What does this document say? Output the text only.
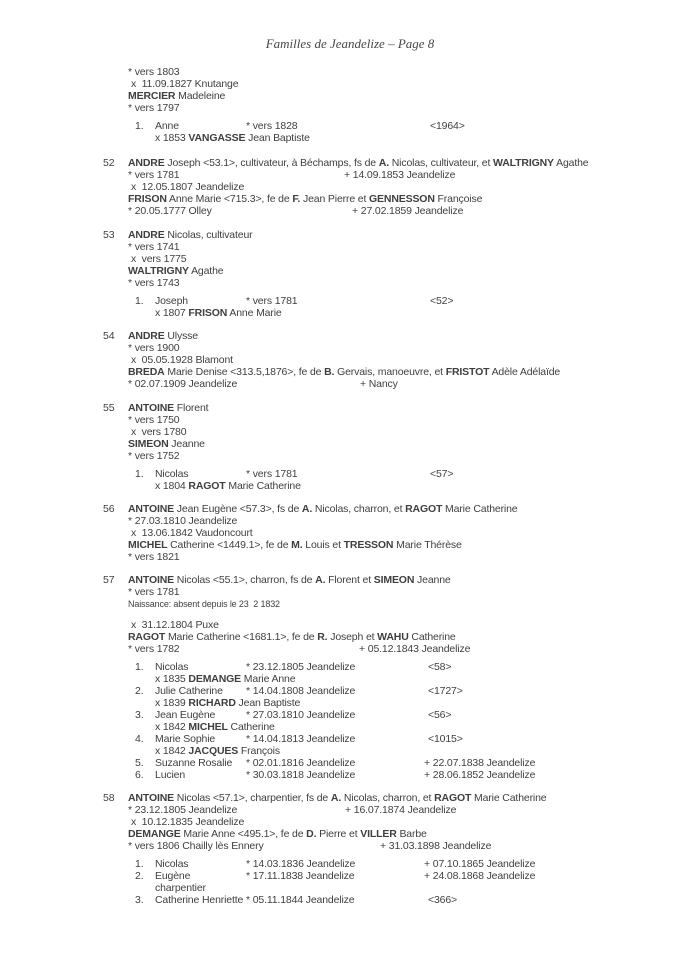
Familles de Jeandelize – Page 8
* vers 1803
x  11.09.1827 Knutange
MERCIER Madeleine
* vers 1797
1. Anne	* vers 1828	<1964>
x 1853 VANGASSE Jean Baptiste
52 ANDRE Joseph <53.1>, cultivateur, à Béchamps, fs de A. Nicolas, cultivateur, et WALTRIGNY Agathe
* vers 1781	+ 14.09.1853 Jeandelize
x  12.05.1807 Jeandelize
FRISON Anne Marie <715.3>, fe de F. Jean Pierre et GENNESSON Françoise
* 20.05.1777 Olley	+ 27.02.1859 Jeandelize
53 ANDRE Nicolas, cultivateur
* vers 1741
x  vers 1775
WALTRIGNY Agathe
* vers 1743
1. Joseph	* vers 1781	<52>
x 1807 FRISON Anne Marie
54 ANDRE Ulysse
* vers 1900
x  05.05.1928 Blamont
BREDA Marie Denise <313.5,1876>, fe de B. Gervais, manoeuvre, et FRISTOT Adèle Adélaïde
* 02.07.1909 Jeandelize	+ Nancy
55 ANTOINE Florent
* vers 1750
x  vers 1780
SIMEON Jeanne
* vers 1752
1. Nicolas	* vers 1781	<57>
x 1804 RAGOT Marie Catherine
56 ANTOINE Jean Eugène <57.3>, fs de A. Nicolas, charron, et RAGOT Marie Catherine
* 27.03.1810 Jeandelize
x  13.06.1842 Vaudoncourt
MICHEL Catherine <1449.1>, fe de M. Louis et TRESSON Marie Thérèse
* vers 1821
57 ANTOINE Nicolas <55.1>, charron, fs de A. Florent et SIMEON Jeanne
* vers 1781
Naissance: absent depuis le 23  2 1832
x  31.12.1804 Puxe
RAGOT Marie Catherine <1681.1>, fe de R. Joseph et WAHU Catherine
* vers 1782	+ 05.12.1843 Jeandelize
1. Nicolas	* 23.12.1805 Jeandelize	<58>
x 1835 DEMANGE Marie Anne
2. Julie Catherine * 14.04.1808 Jeandelize	<1727>
x 1839 RICHARD Jean Baptiste
3. Jean Eugène	* 27.03.1810 Jeandelize	<56>
x 1842 MICHEL Catherine
4. Marie Sophie	* 14.04.1813 Jeandelize	<1015>
x 1842 JACQUES François
5. Suzanne Rosalie * 02.01.1816 Jeandelize	+ 22.07.1838 Jeandelize
6. Lucien	* 30.03.1818 Jeandelize	+ 28.06.1852 Jeandelize
58 ANTOINE Nicolas <57.1>, charpentier, fs de A. Nicolas, charron, et RAGOT Marie Catherine
* 23.12.1805 Jeandelize	+ 16.07.1874 Jeandelize
x  10.12.1835 Jeandelize
DEMANGE Marie Anne <495.1>, fe de D. Pierre et VILLER Barbe
* vers 1806 Chailly lès Ennery	+ 31.03.1898 Jeandelize
1. Nicolas	* 14.03.1836 Jeandelize	+ 07.10.1865 Jeandelize
2. Eugène	* 17.11.1838 Jeandelize	+ 24.08.1868 Jeandelize
charpentier
3. Catherine Henriette * 05.11.1844 Jeandelize	<366>
